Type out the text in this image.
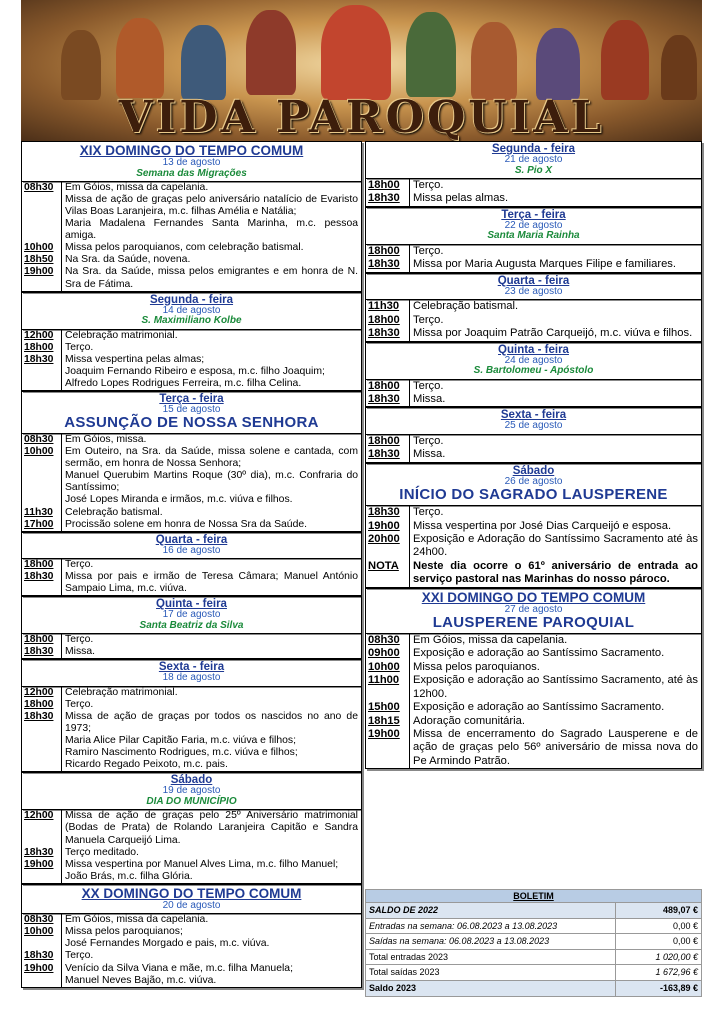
VIDA PAROQUIAL
XIX DOMINGO DO TEMPO COMUM
13 de agosto
Semana das Migrações
08h30	Em Góios, missa da capelania.
Missa de ação de graças pelo aniversário natalício de Evaristo Vilas Boas Laranjeira, m.c. filhas Amélia e Natália;
Maria Madalena Fernandes Santa Marinha, m.c. pessoa amiga.
10h00	Missa pelos paroquianos, com celebração batismal.
18h50	Na Sra. da Saúde, novena.
19h00	Na Sra. da Saúde, missa pelos emigrantes e em honra de N. Sra de Fátima.
Segunda - feira
14 de agosto
S. Maximiliano Kolbe
12h00	Celebração matrimonial.
18h00	Terço.
18h30	Missa vespertina pelas almas;
Joaquim Fernando Ribeiro e esposa, m.c. filho Joaquim;
Alfredo Lopes Rodrigues Ferreira, m.c. filha Celina.
Terça - feira
15 de agosto
ASSUNÇÃO DE NOSSA SENHORA
08h30	Em Góios, missa.
10h00	Em Outeiro, na Sra. da Saúde, missa solene e cantada, com sermão, em honra de Nossa Senhora;
Manuel Querubim Martins Roque (30º dia), m.c. Confraria do Santíssimo;
José Lopes Miranda e irmãos, m.c. viúva e filhos.
11h30	Celebração batismal.
17h00	Procissão solene em honra de Nossa Sra da Saúde.
Quarta - feira
16 de agosto
18h00	Terço.
18h30	Missa por pais e irmão de Teresa Câmara; Manuel António Sampaio Lima, m.c. viúva.
Quinta - feira
17 de agosto
Santa Beatriz da Silva
18h00	Terço.
18h30	Missa.
Sexta - feira
18 de agosto
12h00	Celebração matrimonial.
18h00	Terço.
18h30	Missa de ação de graças por todos os nascidos no ano de 1973;
Maria Alice Pilar Capitão Faria, m.c. viúva e filhos;
Ramiro Nascimento Rodrigues, m.c. viúva e filhos;
Ricardo Regado Peixoto, m.c. pais.
Sábado
19 de agosto
DIA DO MUNICÍPIO
12h00	Missa de ação de graças pelo 25º Aniversário matrimonial (Bodas de Prata) de Rolando Laranjeira Capitão e Sandra Manuela Carqueijó Lima.
18h30	Terço meditado.
19h00	Missa vespertina por Manuel Alves Lima, m.c. filho Manuel;
João Brás, m.c. filha Glória.
XX DOMINGO DO TEMPO COMUM
20 de agosto
08h30	Em Góios, missa da capelania.
10h00	Missa pelos paroquianos;
José Fernandes Morgado e pais, m.c. viúva.
18h30	Terço.
19h00	Venício da Silva Viana e mãe, m.c. filha Manuela;
Manuel Neves Bajão, m.c. viúva.
Segunda - feira
21 de agosto
S. Pio X
18h00	Terço.
18h30	Missa pelas almas.
Terça - feira
22 de agosto
Santa Maria Rainha
18h00	Terço.
18h30	Missa por Maria Augusta Marques Filipe e familiares.
Quarta - feira
23 de agosto
11h30	Celebração batismal.
18h00	Terço.
18h30	Missa por Joaquim Patrão Carqueijó, m.c. viúva e filhos.
Quinta - feira
24 de agosto
S. Bartolomeu - Apóstolo
18h00	Terço.
18h30	Missa.
Sexta - feira
25 de agosto
18h00	Terço.
18h30	Missa.
Sábado
26 de agosto
INÍCIO DO SAGRADO LAUSPERENE
18h30	Terço.
19h00	Missa vespertina por José Dias Carqueijó e esposa.
20h00	Exposição e Adoração do Santíssimo Sacramento até às 24h00.
NOTA	Neste dia ocorre o 61º aniversário de entrada ao serviço pastoral nas Marinhas do nosso pároco.
XXI DOMINGO DO TEMPO COMUM
27 de agosto
LAUSPERENE PAROQUIAL
08h30	Em Góios, missa da capelania.
09h00	Exposição e adoração ao Santíssimo Sacramento.
10h00	Missa pelos paroquianos.
11h00	Exposição e adoração ao Santíssimo Sacramento, até às 12h00.
15h00	Exposição e adoração ao Santíssimo Sacramento.
18h15	Adoração comunitária.
19h00	Missa de encerramento do Sagrado Lausperene e de ação de graças pelo 56º aniversário de missa nova do Pe Armindo Patrão.
BOLETIM
SALDO DE 2022	489,07 €
Entradas na semana: 06.08.2023 a 13.08.2023	0,00 €
Saídas na semana: 06.08.2023 a 13.08.2023	0,00 €
Total entradas 2023	1 020,00 €
Total saídas 2023	1 672,96 €
Saldo 2023	-163,89 €
